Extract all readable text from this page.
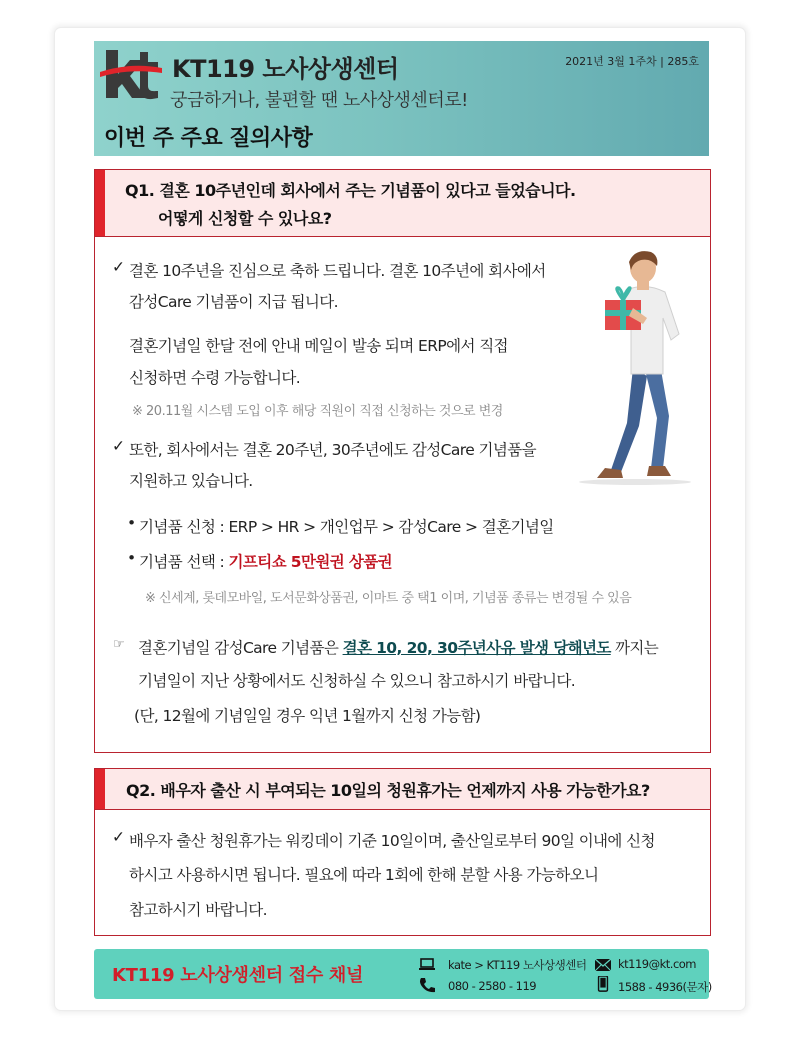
KT119 노사상생센터
궁금하거나, 불편할 땐 노사상생센터로!
2021년 3월 1주차 | 285호
이번 주 주요 질의사항
Q1. 결혼 10주년인데 회사에서 주는 기념품이 있다고 들었습니다.
어떻게 신청할 수 있나요?
✓ 결혼 10주년을 진심으로 축하 드립니다. 결혼 10주년에 회사에서
감성Care 기념품이 지급 됩니다.
결혼기념일 한달 전에 안내 메일이 발송 되며 ERP에서 직접
신청하면 수령 가능합니다.
※ 20.11월 시스템 도입 이후 해당 직원이 직접 신청하는 것으로 변경
✓ 또한, 회사에서는 결혼 20주년, 30주년에도 감성Care 기념품을
지원하고 있습니다.
• 기념품 신청 : ERP > HR > 개인업무 > 감성Care > 결혼기념일
• 기념품 선택 : 기프티쇼 5만원권 상품권
※ 신세계, 롯데모바일, 도서문화상품권, 이마트 중 택1 이며, 기념품 종류는 변경될 수 있음
☞ 결혼기념일 감성Care 기념품은 결혼 10, 20, 30주년사유 발생 당해년도 까지는
기념일이 지난 상황에서도 신청하실 수 있으니 참고하시기 바랍니다.
(단, 12월에 기념일일 경우 익년 1월까지 신청 가능함)
Q2. 배우자 출산 시 부여되는 10일의 청원휴가는 언제까지 사용 가능한가요?
✓ 배우자 출산 청원휴가는 워킹데이 기준 10일이며, 출산일로부터 90일 이내에 신청
하시고 사용하시면 됩니다. 필요에 따라 1회에 한해 분할 사용 가능하오니
참고하시기 바랍니다.
KT119 노사상생센터 접수 채널	kate > KT119 노사상생센터	kt119@kt.com
080 - 2580 - 119	1588 - 4936(문자)
